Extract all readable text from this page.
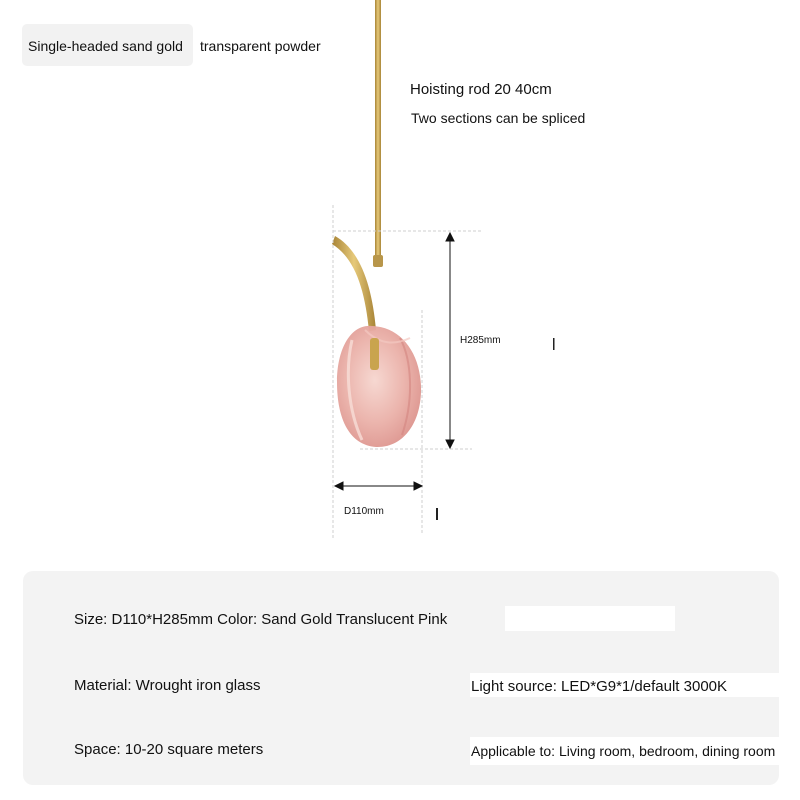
Single-headed sand gold transparent powder
Hoisting rod 20 40cm
Two sections can be spliced
H285mm
D110mm
Size: D110*H285mm Color: Sand Gold Translucent Pink
Material: Wrought iron glass	Light source: LED*G9*1/default 3000K
Space: 10-20 square meters	Applicable to: Living room, bedroom, dining room
